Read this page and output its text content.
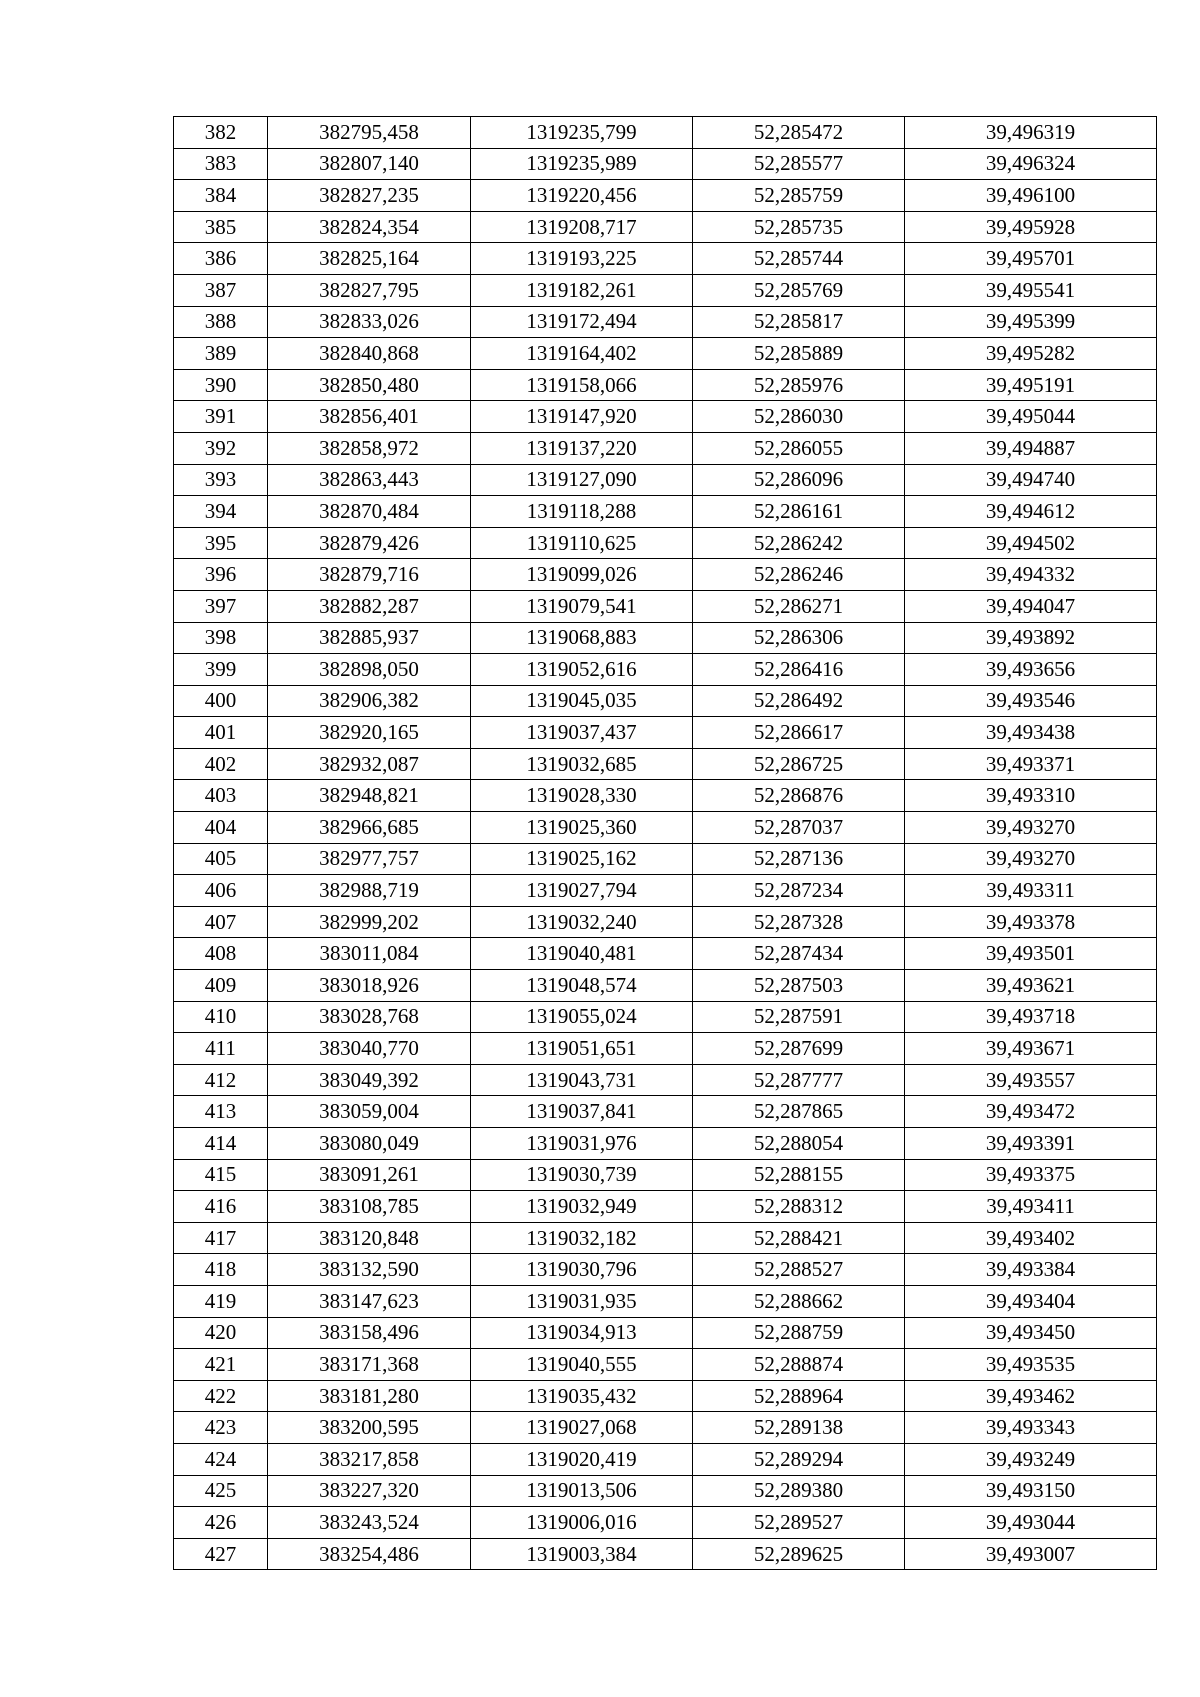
382	382795,458	1319235,799	52,285472	39,496319
383	382807,140	1319235,989	52,285577	39,496324
384	382827,235	1319220,456	52,285759	39,496100
385	382824,354	1319208,717	52,285735	39,495928
386	382825,164	1319193,225	52,285744	39,495701
387	382827,795	1319182,261	52,285769	39,495541
388	382833,026	1319172,494	52,285817	39,495399
389	382840,868	1319164,402	52,285889	39,495282
390	382850,480	1319158,066	52,285976	39,495191
391	382856,401	1319147,920	52,286030	39,495044
392	382858,972	1319137,220	52,286055	39,494887
393	382863,443	1319127,090	52,286096	39,494740
394	382870,484	1319118,288	52,286161	39,494612
395	382879,426	1319110,625	52,286242	39,494502
396	382879,716	1319099,026	52,286246	39,494332
397	382882,287	1319079,541	52,286271	39,494047
398	382885,937	1319068,883	52,286306	39,493892
399	382898,050	1319052,616	52,286416	39,493656
400	382906,382	1319045,035	52,286492	39,493546
401	382920,165	1319037,437	52,286617	39,493438
402	382932,087	1319032,685	52,286725	39,493371
403	382948,821	1319028,330	52,286876	39,493310
404	382966,685	1319025,360	52,287037	39,493270
405	382977,757	1319025,162	52,287136	39,493270
406	382988,719	1319027,794	52,287234	39,493311
407	382999,202	1319032,240	52,287328	39,493378
408	383011,084	1319040,481	52,287434	39,493501
409	383018,926	1319048,574	52,287503	39,493621
410	383028,768	1319055,024	52,287591	39,493718
411	383040,770	1319051,651	52,287699	39,493671
412	383049,392	1319043,731	52,287777	39,493557
413	383059,004	1319037,841	52,287865	39,493472
414	383080,049	1319031,976	52,288054	39,493391
415	383091,261	1319030,739	52,288155	39,493375
416	383108,785	1319032,949	52,288312	39,493411
417	383120,848	1319032,182	52,288421	39,493402
418	383132,590	1319030,796	52,288527	39,493384
419	383147,623	1319031,935	52,288662	39,493404
420	383158,496	1319034,913	52,288759	39,493450
421	383171,368	1319040,555	52,288874	39,493535
422	383181,280	1319035,432	52,288964	39,493462
423	383200,595	1319027,068	52,289138	39,493343
424	383217,858	1319020,419	52,289294	39,493249
425	383227,320	1319013,506	52,289380	39,493150
426	383243,524	1319006,016	52,289527	39,493044
427	383254,486	1319003,384	52,289625	39,493007
